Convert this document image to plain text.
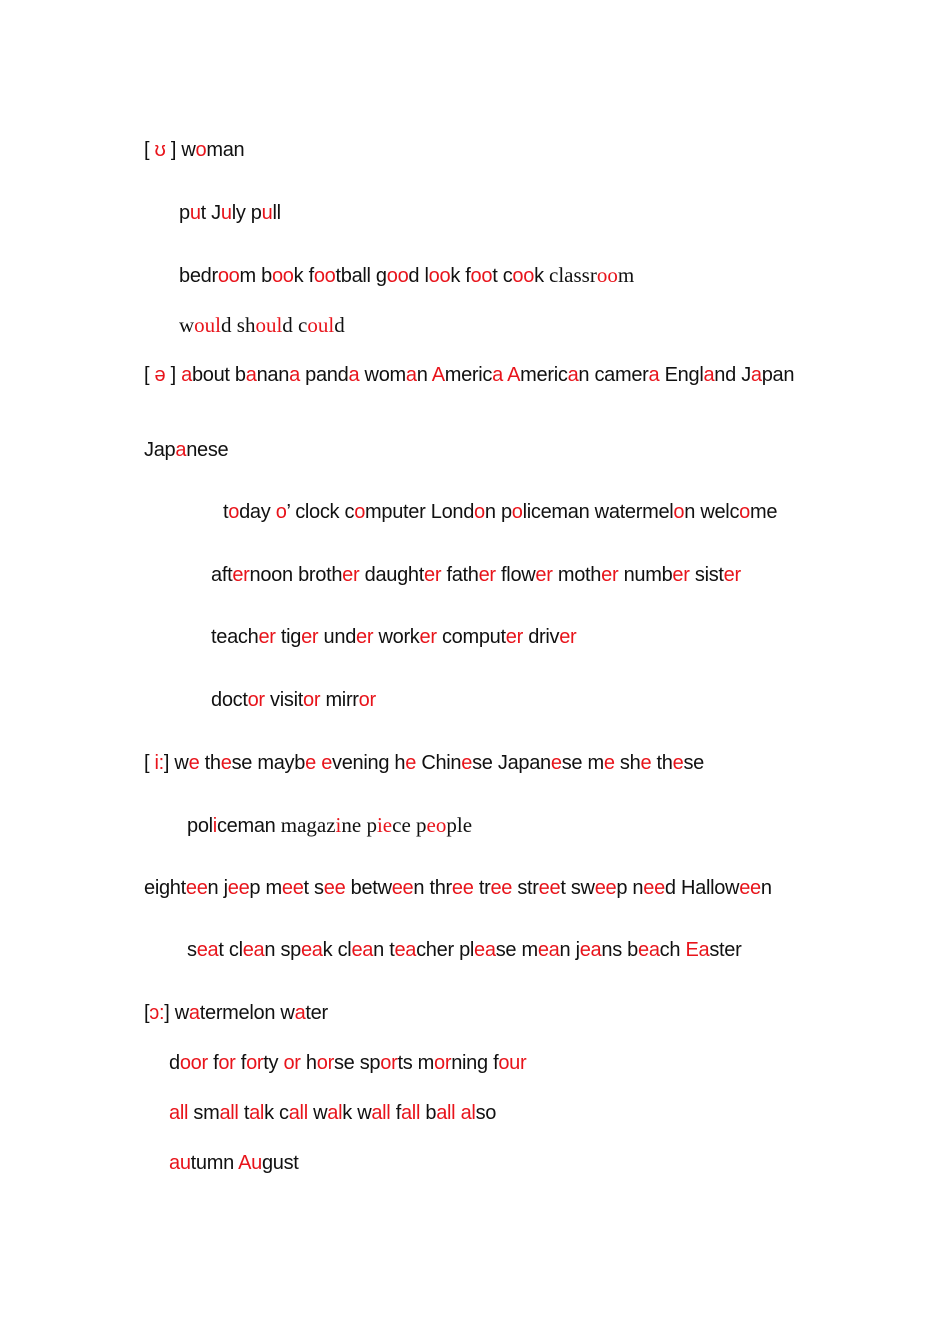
[ ʊ ] woman
put July pull
bedroom book football good look foot cook classroom
would should could
[ ə ] about banana panda woman America American camera England Japan
Japanese
today o’ clock computer London policeman watermelon welcome
afternoon brother daughter father flower mother number sister
teacher tiger under worker computer driver
doctor visitor mirror
[ i:] we these maybe evening he Chinese Japanese me she these
policeman magazine piece people
eighteen jeep meet see between three tree street sweep need Halloween
seat clean speak clean teacher please mean jeans beach Easter
[ɔ:] watermelon water
door for forty or horse sports morning four
all small talk call walk wall fall ball also
autumn August
